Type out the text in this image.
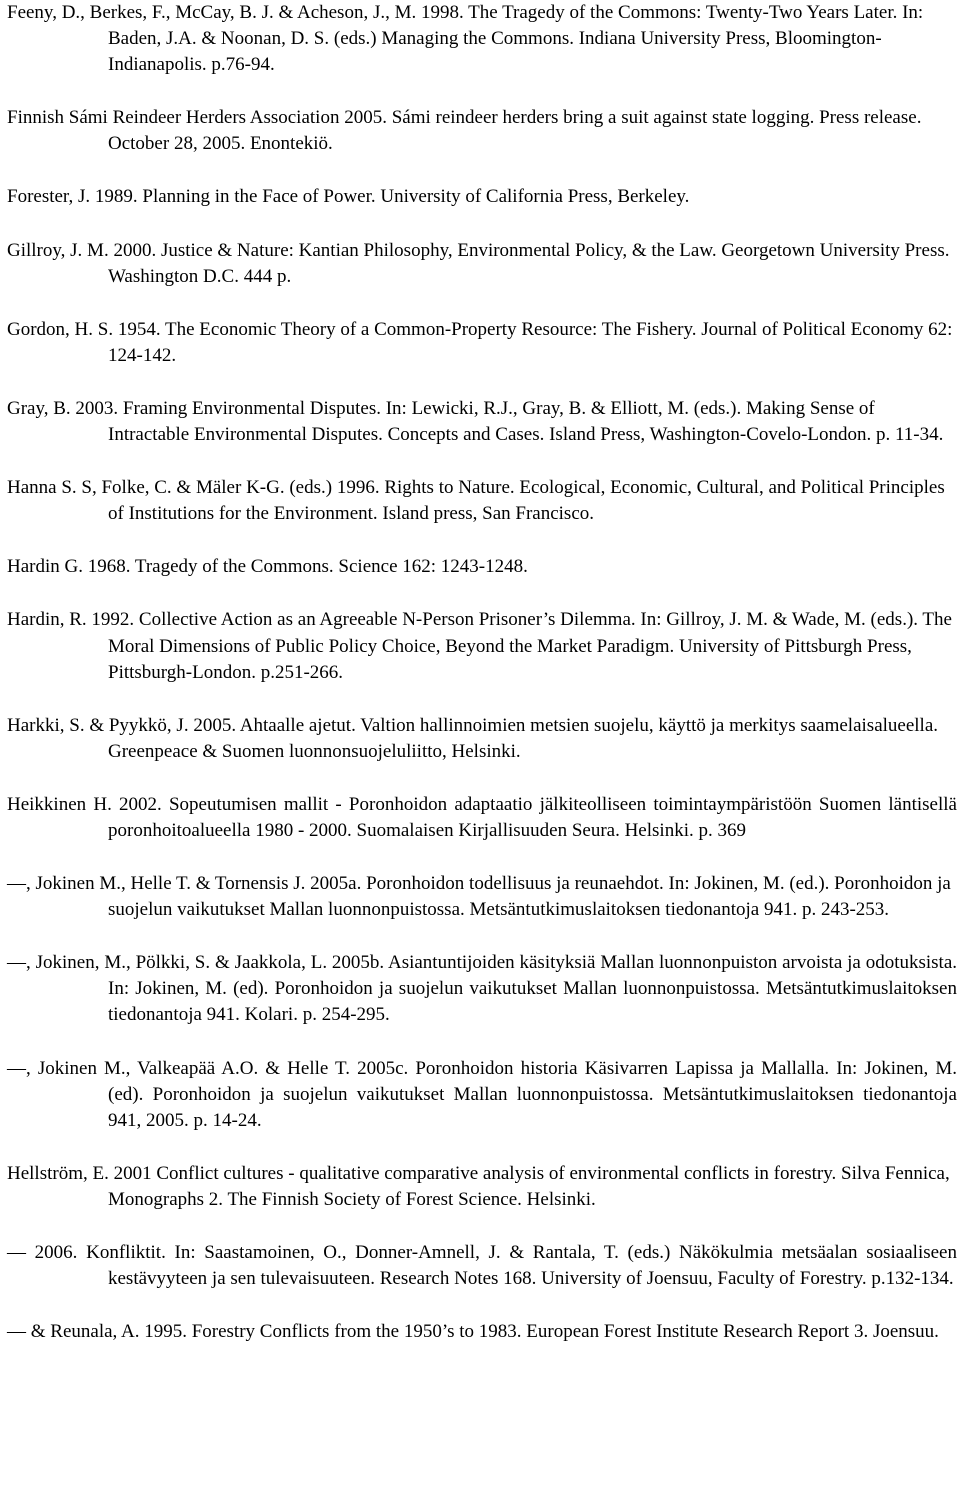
Feeny, D., Berkes, F., McCay, B. J. & Acheson, J., M. 1998. The Tragedy of the Commons: Twenty-Two Years Later. In: Baden, J.A. & Noonan, D. S. (eds.) Managing the Commons. Indiana University Press, Bloomington-Indianapolis. p.76-94.

Finnish Sámi Reindeer Herders Association 2005. Sámi reindeer herders bring a suit against state logging. Press release. October 28, 2005. Enontekiö.

Forester, J. 1989. Planning in the Face of Power. University of California Press, Berkeley.

Gillroy, J. M. 2000. Justice & Nature: Kantian Philosophy, Environmental Policy, & the Law. Georgetown University Press. Washington D.C. 444 p.

Gordon, H. S. 1954. The Economic Theory of a Common-Property Resource: The Fishery. Journal of Political Economy 62: 124-142.

Gray, B. 2003. Framing Environmental Disputes. In: Lewicki, R.J., Gray, B. & Elliott, M. (eds.). Making Sense of Intractable Environmental Disputes. Concepts and Cases. Island Press, Washington-Covelo-London. p. 11-34.

Hanna S. S, Folke, C. & Mäler K-G. (eds.) 1996. Rights to Nature. Ecological, Economic, Cultural, and Political Principles of Institutions for the Environment. Island press, San Francisco.

Hardin G. 1968. Tragedy of the Commons. Science 162: 1243-1248.

Hardin, R. 1992. Collective Action as an Agreeable N-Person Prisoner’s Dilemma. In: Gillroy, J. M. & Wade, M. (eds.). The Moral Dimensions of Public Policy Choice, Beyond the Market Paradigm. University of Pittsburgh Press, Pittsburgh-London. p.251-266.

Harkki, S. & Pyykkö, J. 2005. Ahtaalle ajetut. Valtion hallinnoimien metsien suojelu, käyttö ja merkitys saamelaisalueella. Greenpeace & Suomen luonnonsuojeluliitto, Helsinki.

Heikkinen H. 2002. Sopeutumisen mallit - Poronhoidon adaptaatio jälkiteolliseen toimintaympäristöön Suomen läntisellä poronhoitoalueella 1980 - 2000. Suomalaisen Kirjallisuuden Seura. Helsinki. p. 369

—, Jokinen M., Helle T. & Tornensis J. 2005a. Poronhoidon todellisuus ja reunaehdot. In: Jokinen, M. (ed.). Poronhoidon ja suojelun vaikutukset Mallan luonnonpuistossa. Metsäntutkimuslaitoksen tiedonantoja 941. p. 243-253.

—, Jokinen, M., Pölkki, S. & Jaakkola, L. 2005b. Asiantuntijoiden käsityksiä Mallan luonnonpuiston arvoista ja odotuksista. In: Jokinen, M. (ed). Poronhoidon ja suojelun vaikutukset Mallan luonnonpuistossa. Metsäntutkimuslaitoksen tiedonantoja 941. Kolari. p. 254-295.

—, Jokinen M., Valkeapää A.O. & Helle T. 2005c. Poronhoidon historia Käsivarren Lapissa ja Mallalla. In: Jokinen, M. (ed). Poronhoidon ja suojelun vaikutukset Mallan luonnonpuistossa. Metsäntutkimuslaitoksen tiedonantoja 941, 2005. p. 14-24.

Hellström, E. 2001 Conflict cultures - qualitative comparative analysis of environmental conflicts in forestry. Silva Fennica, Monographs 2. The Finnish Society of Forest Science. Helsinki.

— 2006. Konfliktit. In: Saastamoinen, O., Donner-Amnell, J. & Rantala, T. (eds.) Näkökulmia metsäalan sosiaaliseen kestävyyteen ja sen tulevaisuuteen. Research Notes 168. University of Joensuu, Faculty of Forestry. p.132-134.

— & Reunala, A. 1995. Forestry Conflicts from the 1950’s to 1983. European Forest Institute Research Report 3. Joensuu.
